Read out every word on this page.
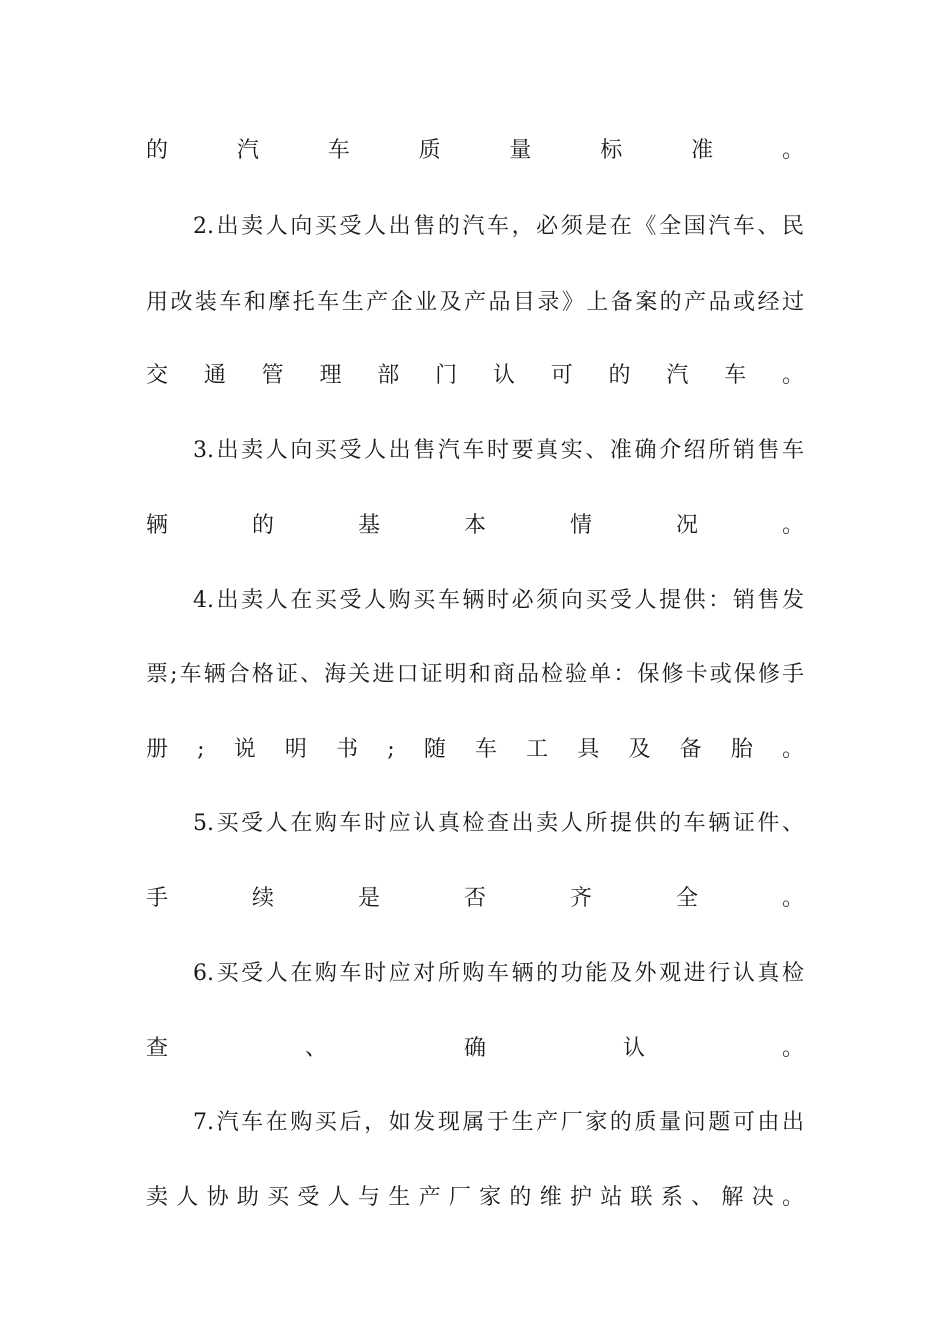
的汽车质量标准。
2.出卖人向买受人出售的汽车，必须是在《全国汽车、民
用改装车和摩托车生产企业及产品目录》上备案的产品或经过
交通管理部门认可的汽车。
3.出卖人向买受人出售汽车时要真实、准确介绍所销售车
辆的基本情况。
4.出卖人在买受人购买车辆时必须向买受人提供：销售发
票;车辆合格证、海关进口证明和商品检验单：保修卡或保修手
册;说明书;随车工具及备胎。
5.买受人在购车时应认真检查出卖人所提供的车辆证件、
手续是否齐全。
6.买受人在购车时应对所购车辆的功能及外观进行认真检
查、确认。
7.汽车在购买后，如发现属于生产厂家的质量问题可由出
卖人协助买受人与生产厂家的维护站联系、解决。
